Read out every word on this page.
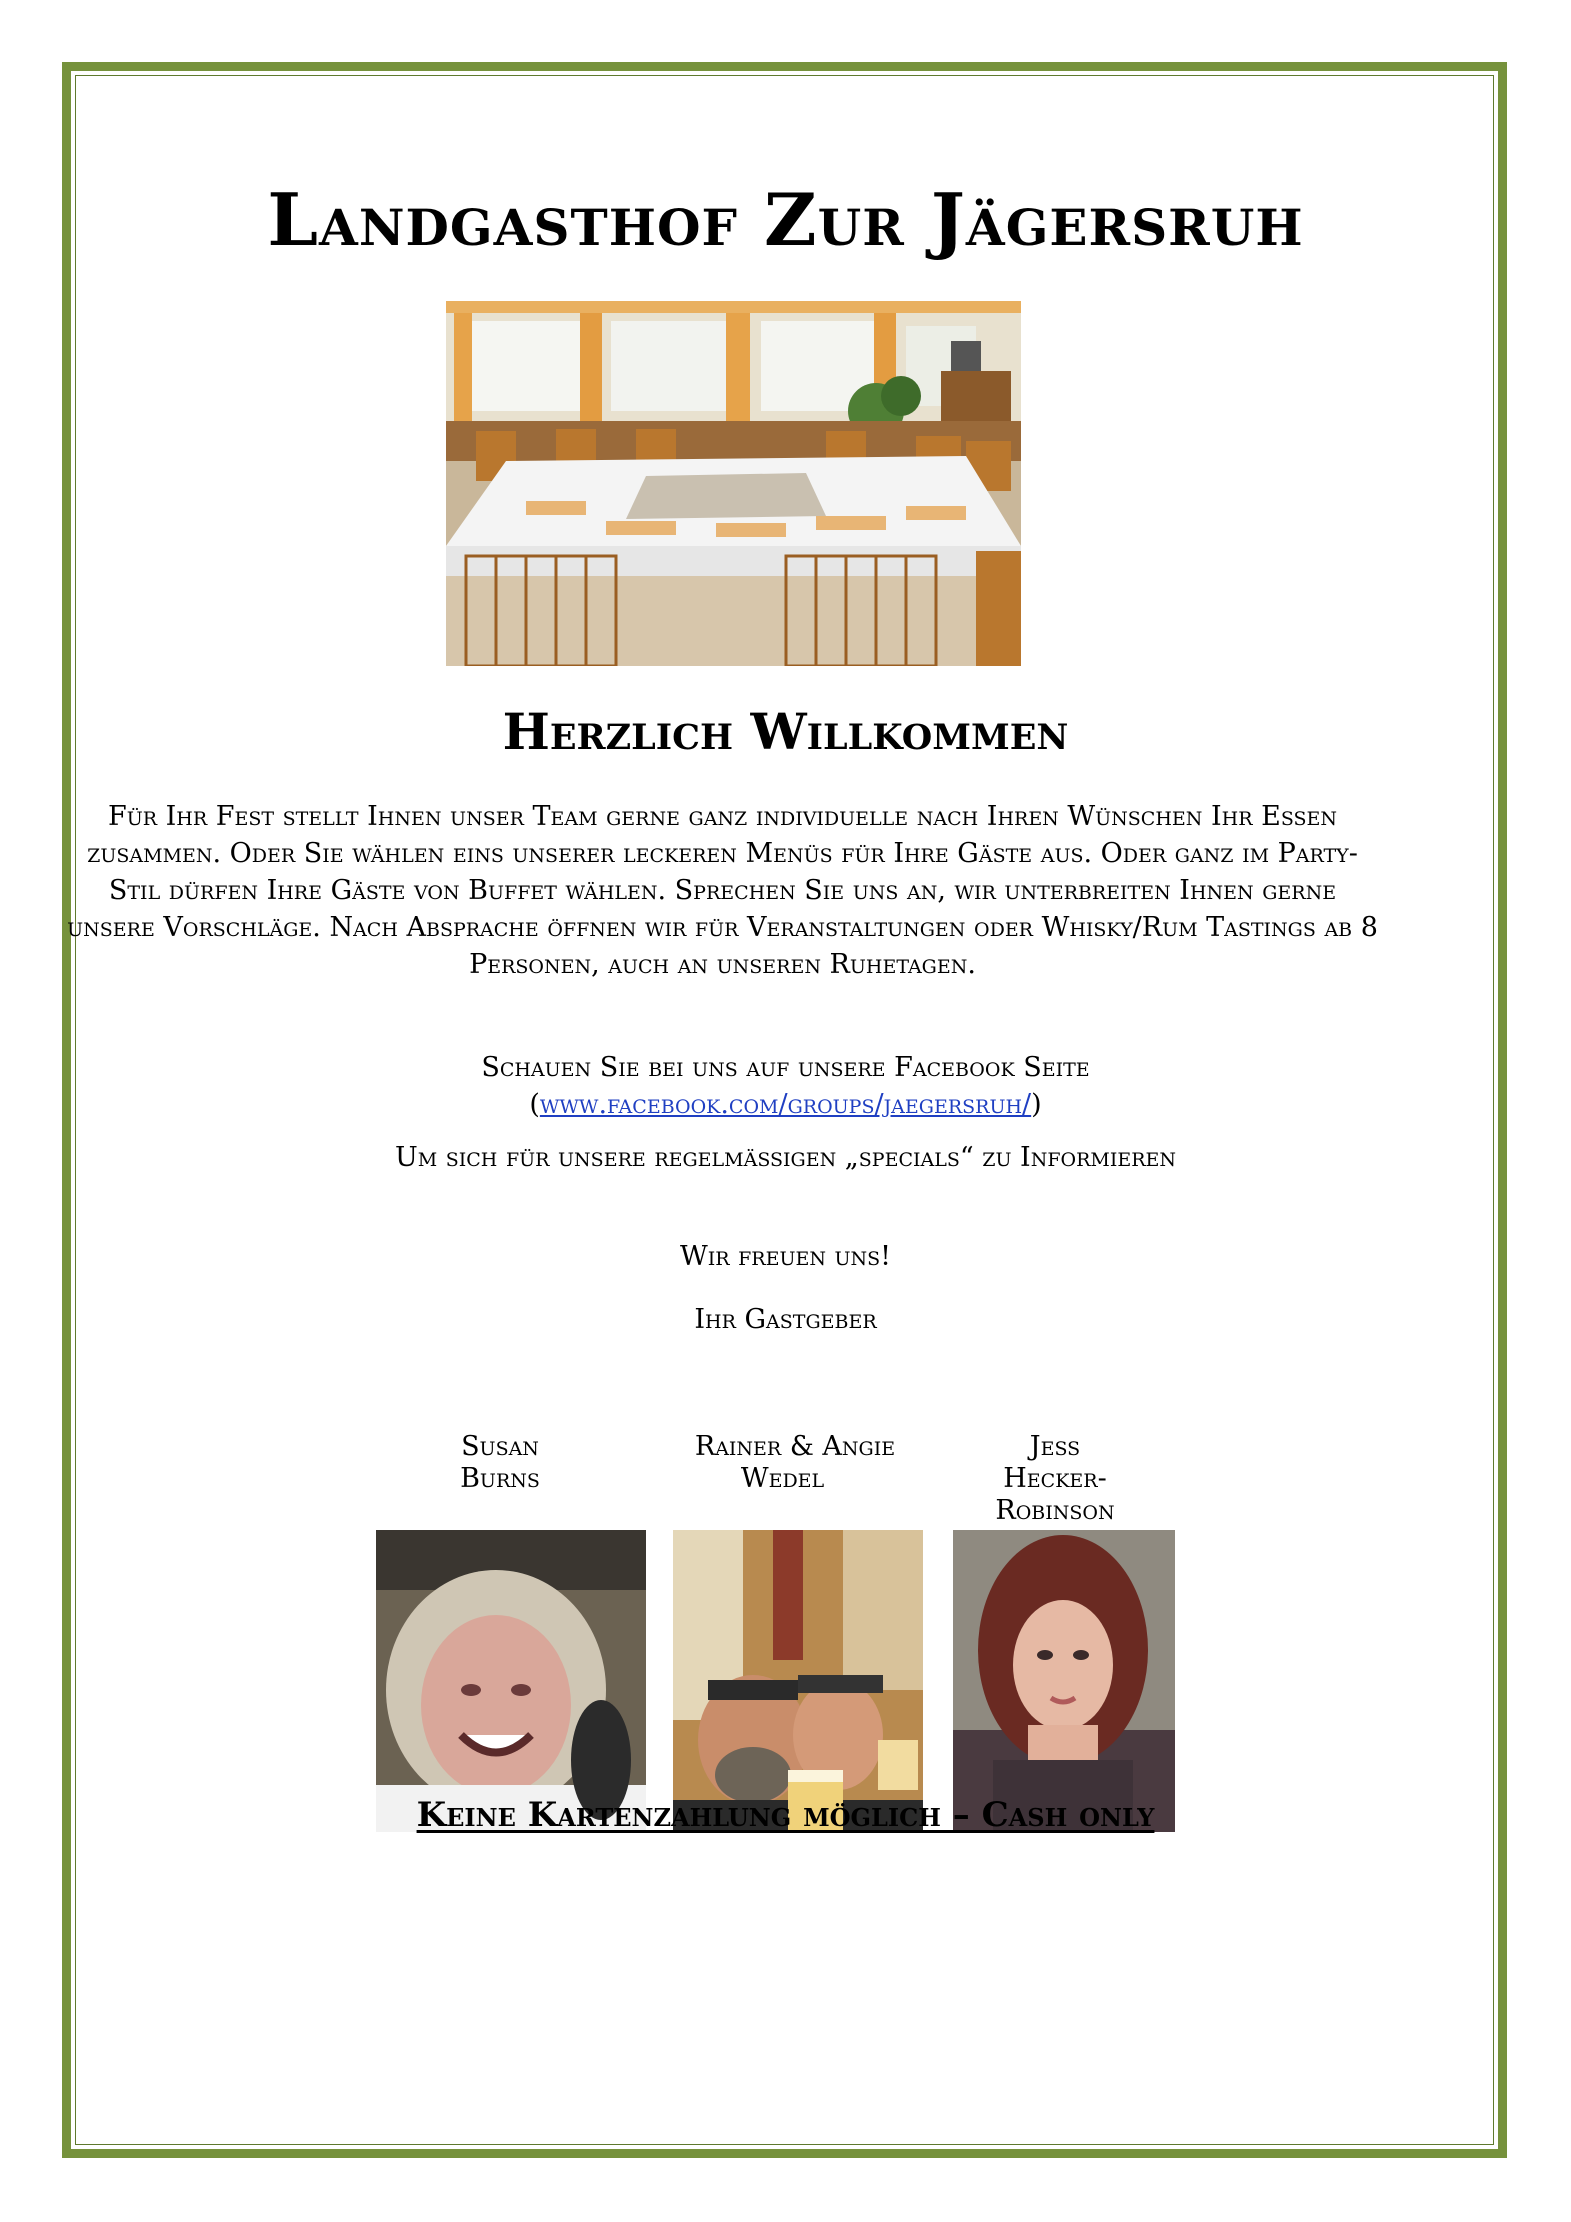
Landgasthof Zur Jägersruh
Herzlich Willkommen

Für Ihr Fest stellt Ihnen unser Team gerne ganz individuelle nach Ihren Wünschen Ihr Essen zusammen. Oder Sie wählen eins unserer leckeren Menüs für Ihre Gäste aus. Oder ganz im Party-Stil dürfen Ihre Gäste von Buffet wählen. Sprechen Sie uns an, wir unterbreiten Ihnen gerne unsere Vorschläge. Nach Absprache öffnen wir für Veranstaltungen oder Whisky/Rum Tastings ab 8 Personen, auch an unseren Ruhetagen.

Schauen Sie bei uns auf unsere Facebook Seite
(www.facebook.com/groups/jaegersruh/)
Um sich für unsere regelmässigen „specials“ zu Informieren
Wir freuen uns!
Ihr Gastgeber
Susan
Burns
Rainer & Angie
Wedel
Jess
Hecker-
Robinson
Keine Kartenzahlung möglich – Cash only
